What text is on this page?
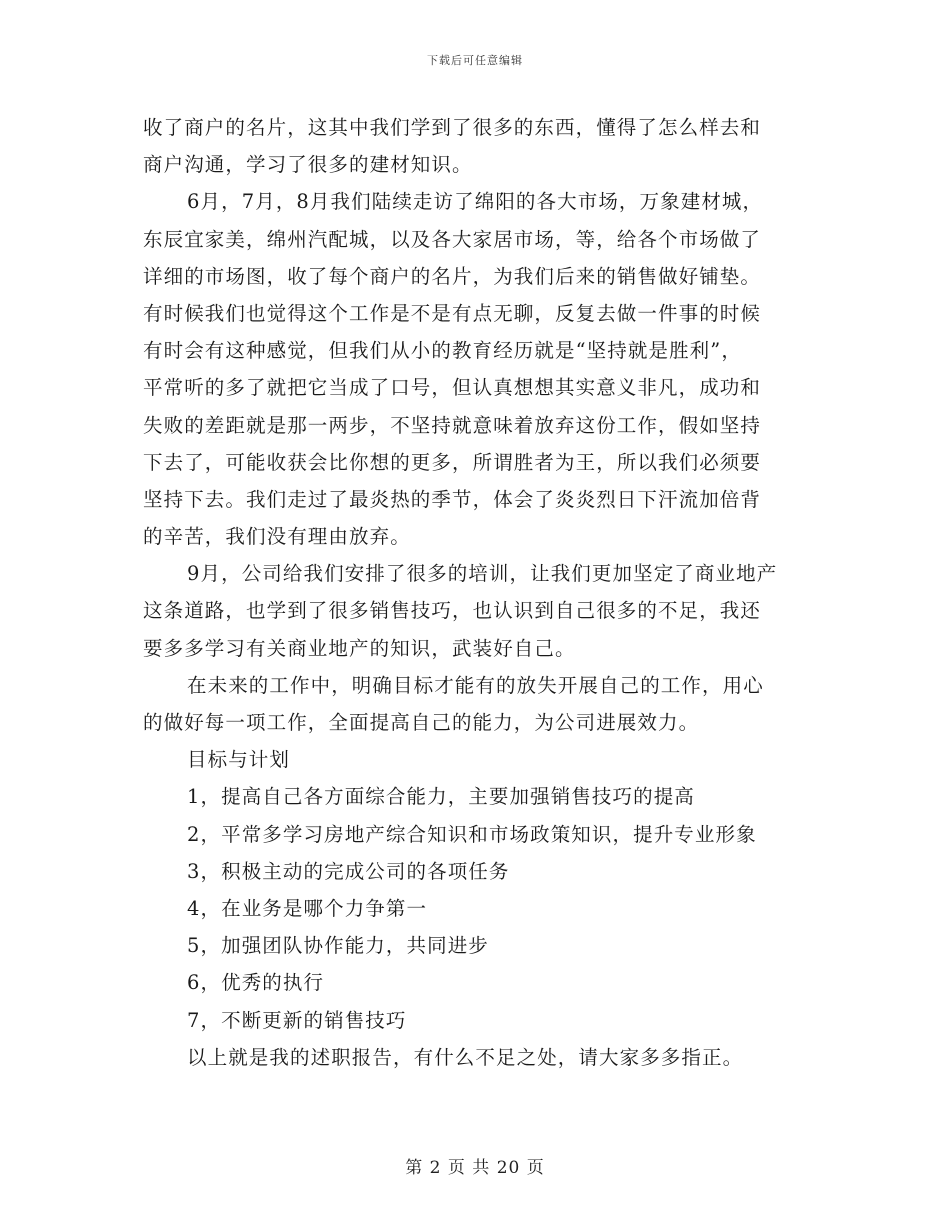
下载后可任意编辑
收了商户的名片，这其中我们学到了很多的东西，懂得了怎么样去和
商户沟通，学习了很多的建材知识。
6月，7月，8月我们陆续走访了绵阳的各大市场，万象建材城，
东辰宜家美，绵州汽配城，以及各大家居市场，等，给各个市场做了
详细的市场图，收了每个商户的名片，为我们后来的销售做好铺垫。
有时候我们也觉得这个工作是不是有点无聊，反复去做一件事的时候
有时会有这种感觉，但我们从小的教育经历就是“坚持就是胜利”，
平常听的多了就把它当成了口号，但认真想想其实意义非凡，成功和
失败的差距就是那一两步，不坚持就意味着放弃这份工作，假如坚持
下去了，可能收获会比你想的更多，所谓胜者为王，所以我们必须要
坚持下去。我们走过了最炎热的季节，体会了炎炎烈日下汗流加倍背
的辛苦，我们没有理由放弃。
9月，公司给我们安排了很多的培训，让我们更加坚定了商业地产
这条道路，也学到了很多销售技巧，也认识到自己很多的不足，我还
要多多学习有关商业地产的知识，武装好自己。
在未来的工作中，明确目标才能有的放失开展自己的工作，用心
的做好每一项工作，全面提高自己的能力，为公司进展效力。
目标与计划
1，提高自己各方面综合能力，主要加强销售技巧的提高
2，平常多学习房地产综合知识和市场政策知识，提升专业形象
3，积极主动的完成公司的各项任务
4，在业务是哪个力争第一
5，加强团队协作能力，共同进步
6，优秀的执行
7，不断更新的销售技巧
以上就是我的述职报告，有什么不足之处，请大家多多指正。
第 2 页 共 20 页
